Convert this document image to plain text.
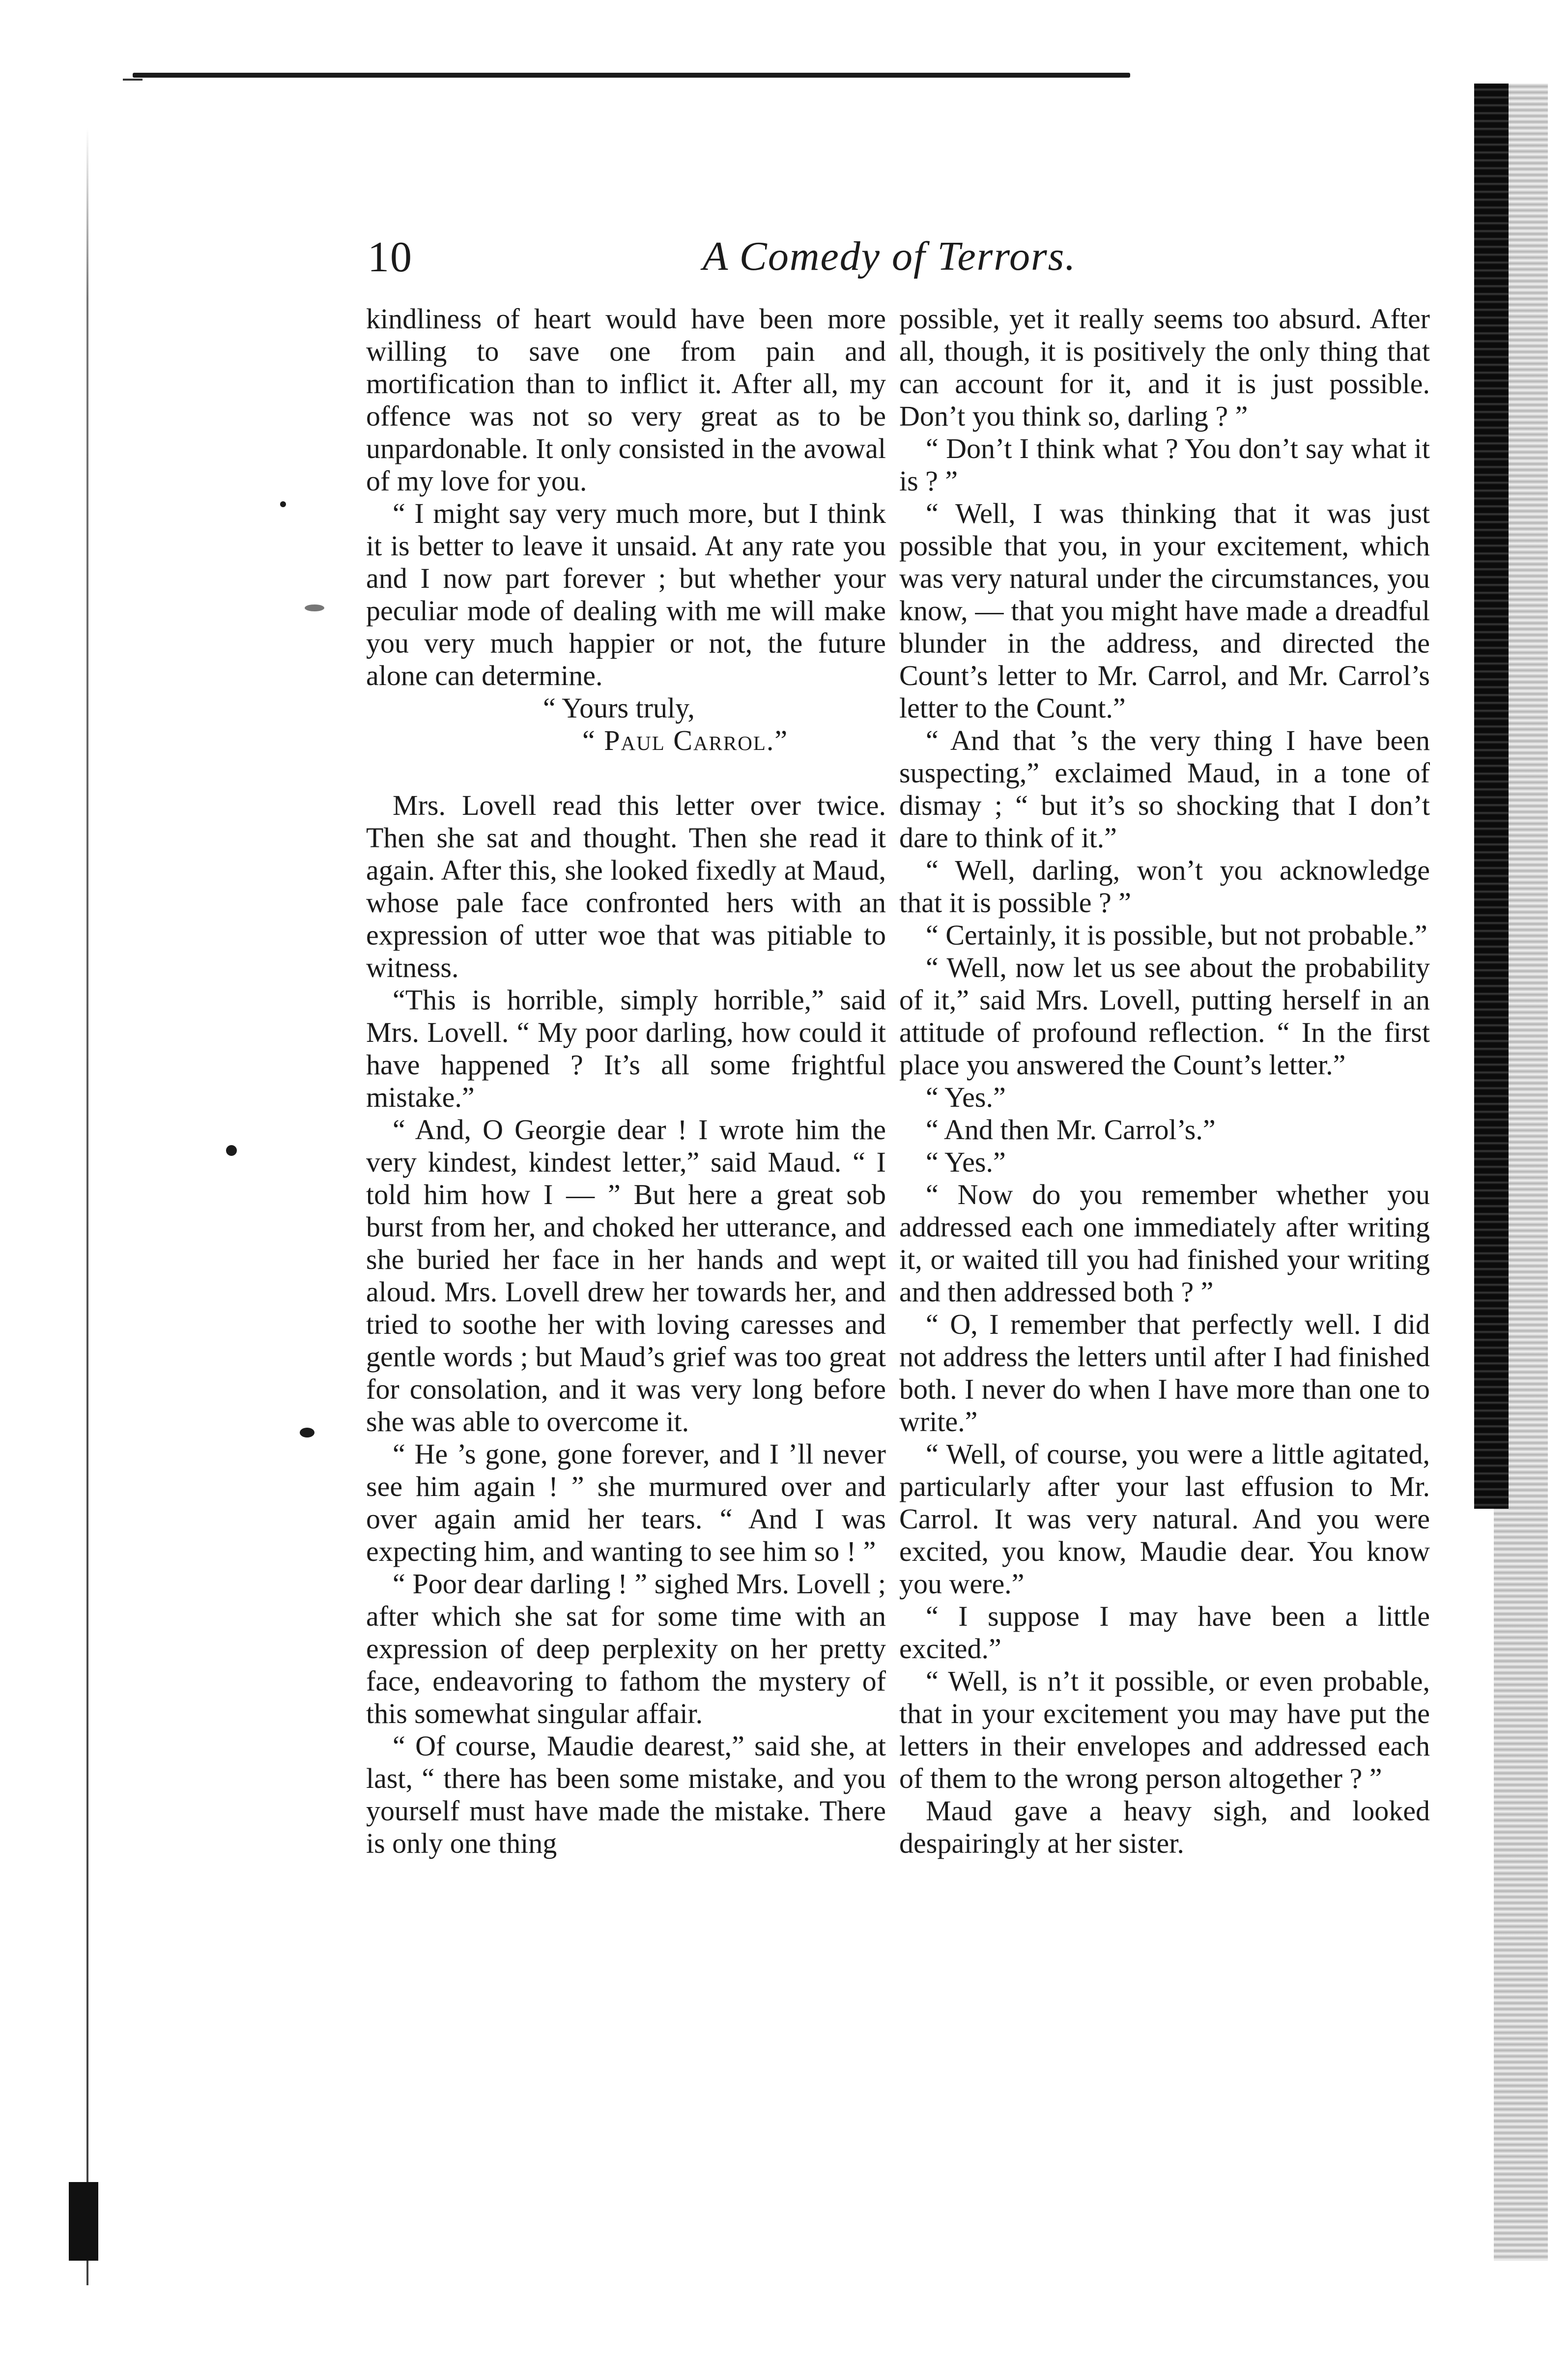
10	A Comedy of Terrors.

kindliness of heart would have been more willing to save one from pain and mortification than to inflict it. After all, my offence was not so very great as to be unpardonable. It only consisted in the avowal of my love for you.

“ I might say very much more, but I think it is better to leave it unsaid. At any rate you and I now part forever ; but whether your peculiar mode of dealing with me will make you very much happier or not, the future alone can determine.

“ Yours truly,

“ Paul Carrol.”

Mrs. Lovell read this letter over twice. Then she sat and thought. Then she read it again. After this, she looked fixedly at Maud, whose pale face confronted hers with an expression of utter woe that was pitiable to witness.

“This is horrible, simply horrible,” said Mrs. Lovell. “ My poor darling, how could it have happened ? It’s all some frightful mistake.”

“ And, O Georgie dear ! I wrote him the very kindest, kindest letter,” said Maud. “ I told him how I — ” But here a great sob burst from her, and choked her utterance, and she buried her face in her hands and wept aloud. Mrs. Lovell drew her towards her, and tried to soothe her with loving caresses and gentle words ; but Maud’s grief was too great for consolation, and it was very long before she was able to overcome it.

“ He ’s gone, gone forever, and I ’ll never see him again ! ” she murmured over and over again amid her tears. “ And I was expecting him, and wanting to see him so ! ”

“ Poor dear darling ! ” sighed Mrs. Lovell ; after which she sat for some time with an expression of deep perplexity on her pretty face, endeavoring to fathom the mystery of this somewhat singular affair.

“ Of course, Maudie dearest,” said she, at last, “ there has been some mistake, and you yourself must have made the mistake. There is only one thing

possible, yet it really seems too absurd. After all, though, it is positively the only thing that can account for it, and it is just possible. Don’t you think so, darling ? ”

“ Don’t I think what ? You don’t say what it is ? ”

“ Well, I was thinking that it was just possible that you, in your excitement, which was very natural under the circumstances, you know, — that you might have made a dreadful blunder in the address, and directed the Count’s letter to Mr. Carrol, and Mr. Carrol’s letter to the Count.”

“ And that ’s the very thing I have been suspecting,” exclaimed Maud, in a tone of dismay ; “ but it’s so shocking that I don’t dare to think of it.”

“ Well, darling, won’t you acknowledge that it is possible ? ”

“ Certainly, it is possible, but not probable.”

“ Well, now let us see about the probability of it,” said Mrs. Lovell, putting herself in an attitude of profound reflection. “ In the first place you answered the Count’s letter.”

“ Yes.”

“ And then Mr. Carrol’s.”

“ Yes.”

“ Now do you remember whether you addressed each one immediately after writing it, or waited till you had finished your writing and then addressed both ? ”

“ O, I remember that perfectly well. I did not address the letters until after I had finished both. I never do when I have more than one to write.”

“ Well, of course, you were a little agitated, particularly after your last effusion to Mr. Carrol. It was very natural. And you were excited, you know, Maudie dear. You know you were.”

“ I suppose I may have been a little excited.”

“ Well, is n’t it possible, or even probable, that in your excitement you may have put the letters in their envelopes and addressed each of them to the wrong person altogether ? ”

Maud gave a heavy sigh, and looked despairingly at her sister.
